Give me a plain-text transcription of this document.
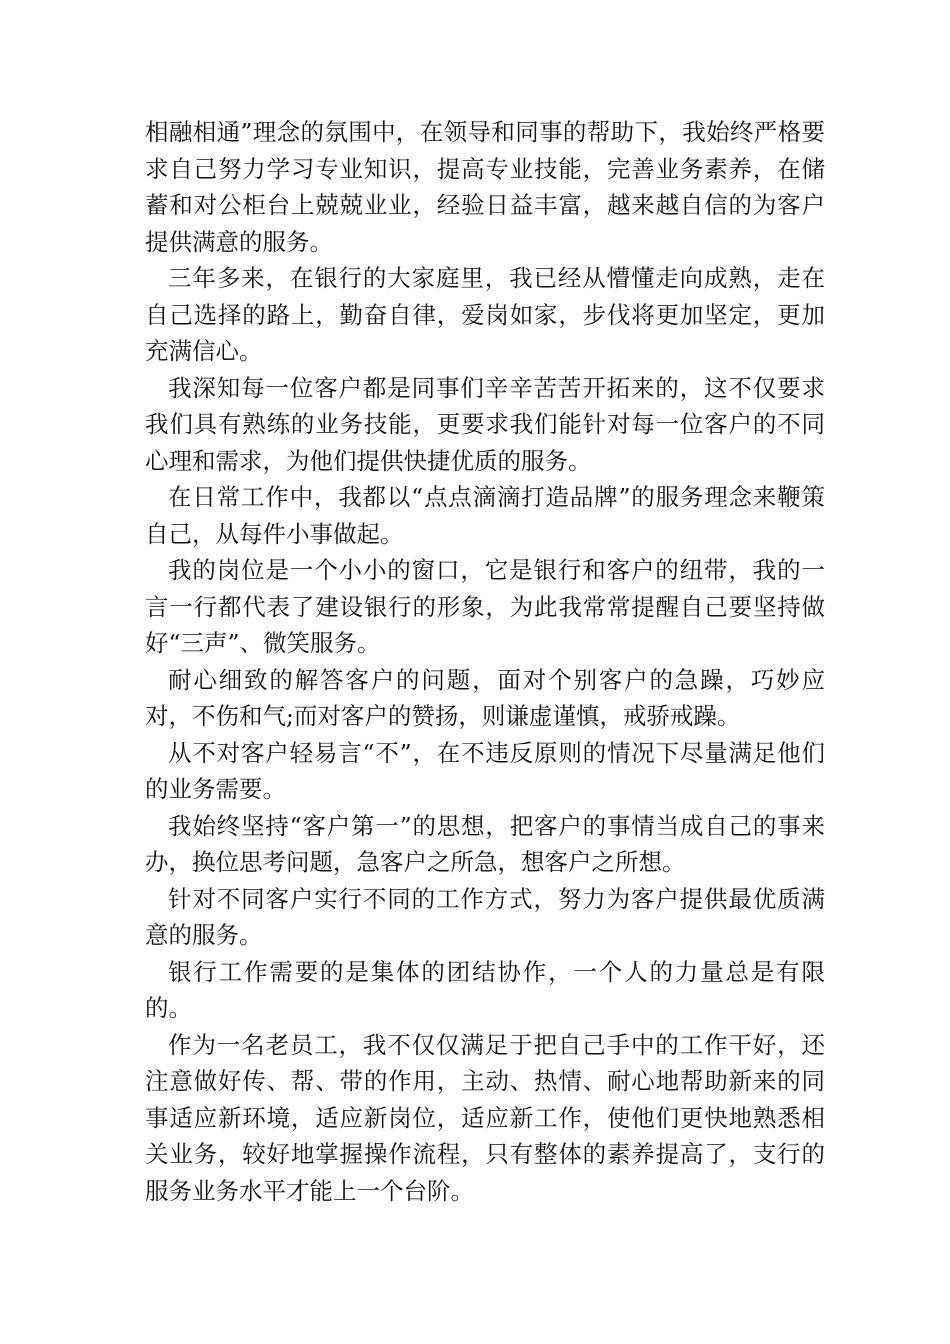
相融相通”理念的氛围中，在领导和同事的帮助下，我始终严格要求自己努力学习专业知识，提高专业技能，完善业务素养，在储蓄和对公柜台上兢兢业业，经验日益丰富，越来越自信的为客户提供满意的服务。

三年多来，在银行的大家庭里，我已经从懵懂走向成熟，走在自己选择的路上，勤奋自律，爱岗如家，步伐将更加坚定，更加充满信心。

我深知每一位客户都是同事们辛辛苦苦开拓来的，这不仅要求我们具有熟练的业务技能，更要求我们能针对每一位客户的不同心理和需求，为他们提供快捷优质的服务。

在日常工作中，我都以“点点滴滴打造品牌”的服务理念来鞭策自己，从每件小事做起。

我的岗位是一个小小的窗口，它是银行和客户的纽带，我的一言一行都代表了建设银行的形象，为此我常常提醒自己要坚持做好“三声”、微笑服务。

耐心细致的解答客户的问题，面对个别客户的急躁，巧妙应对，不伤和气;而对客户的赞扬，则谦虚谨慎，戒骄戒躁。

从不对客户轻易言“不”，在不违反原则的情况下尽量满足他们的业务需要。

我始终坚持“客户第一”的思想，把客户的事情当成自己的事来办，换位思考问题，急客户之所急，想客户之所想。

针对不同客户实行不同的工作方式，努力为客户提供最优质满意的服务。

银行工作需要的是集体的团结协作，一个人的力量总是有限的。

作为一名老员工，我不仅仅满足于把自己手中的工作干好，还注意做好传、帮、带的作用，主动、热情、耐心地帮助新来的同事适应新环境，适应新岗位，适应新工作，使他们更快地熟悉相关业务，较好地掌握操作流程，只有整体的素养提高了，支行的服务业务水平才能上一个台阶。
